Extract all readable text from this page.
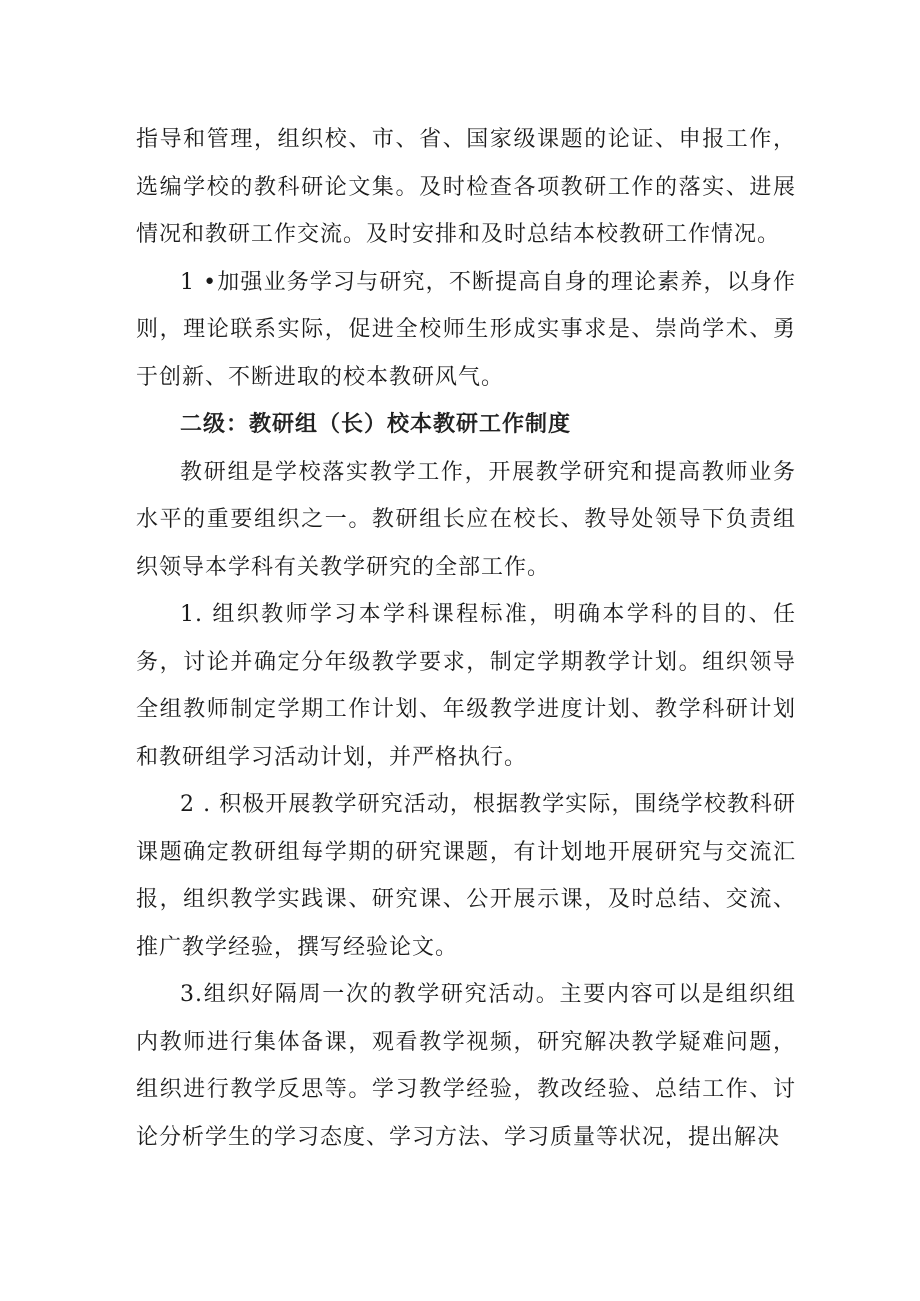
指导和管理，组织校、市、省、国家级课题的论证、申报工作，选编学校的教科研论文集。及时检查各项教研工作的落实、进展情况和教研工作交流。及时安排和及时总结本校教研工作情况。

1 •加强业务学习与研究，不断提高自身的理论素养，以身作则，理论联系实际，促进全校师生形成实事求是、崇尚学术、勇于创新、不断进取的校本教研风气。

二级：教研组（长）校本教研工作制度

教研组是学校落实教学工作，开展教学研究和提高教师业务水平的重要组织之一。教研组长应在校长、教导处领导下负责组织领导本学科有关教学研究的全部工作。

1. 组织教师学习本学科课程标准，明确本学科的目的、任务，讨论并确定分年级教学要求，制定学期教学计划。组织领导全组教师制定学期工作计划、年级教学进度计划、教学科研计划和教研组学习活动计划，并严格执行。

2 . 积极开展教学研究活动，根据教学实际，围绕学校教科研课题确定教研组每学期的研究课题，有计划地开展研究与交流汇报，组织教学实践课、研究课、公开展示课，及时总结、交流、推广教学经验，撰写经验论文。

3.组织好隔周一次的教学研究活动。主要内容可以是组织组内教师进行集体备课，观看教学视频，研究解决教学疑难问题，组织进行教学反思等。学习教学经验，教改经验、总结工作、讨论分析学生的学习态度、学习方法、学习质量等状况，提出解决
